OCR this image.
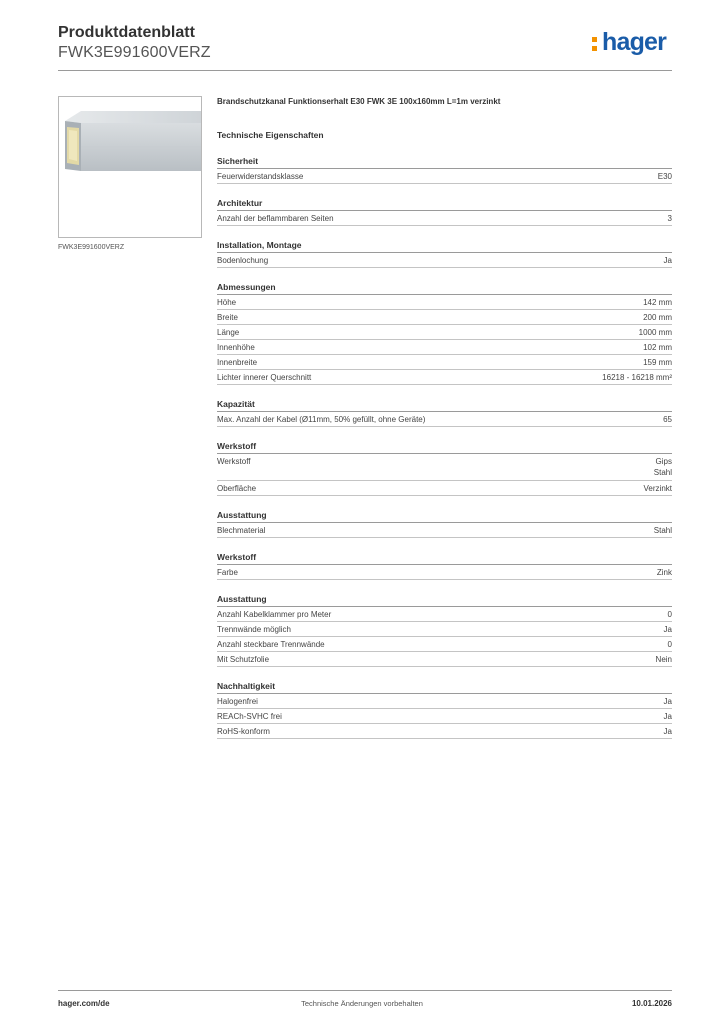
Produktdatenblatt
FWK3E991600VERZ	hager
FWK3E991600VERZ
Brandschutzkanal Funktionserhalt E30 FWK 3E 100x160mm L=1m verzinkt
Technische Eigenschaften
Sicherheit
Feuerwiderstandsklasse	E30
Architektur
Anzahl der beflammbaren Seiten	3
Installation, Montage
Bodenlochung	Ja
Abmessungen
Höhe	142 mm
Breite	200 mm
Länge	1000 mm
Innenhöhe	102 mm
Innenbreite	159 mm
Lichter innerer Querschnitt	16218 - 16218 mm²
Kapazität
Max. Anzahl der Kabel (Ø11mm, 50% gefüllt, ohne Geräte)	65
Werkstoff
Werkstoff	Gips
Stahl
Oberfläche	Verzinkt
Ausstattung
Blechmaterial	Stahl
Werkstoff
Farbe	Zink
Ausstattung
Anzahl Kabelklammer pro Meter	0
Trennwände möglich	Ja
Anzahl steckbare Trennwände	0
Mit Schutzfolie	Nein
Nachhaltigkeit
Halogenfrei	Ja
REACh-SVHC frei	Ja
RoHS-konform	Ja
hager.com/de	Technische Änderungen vorbehalten	10.01.2026
